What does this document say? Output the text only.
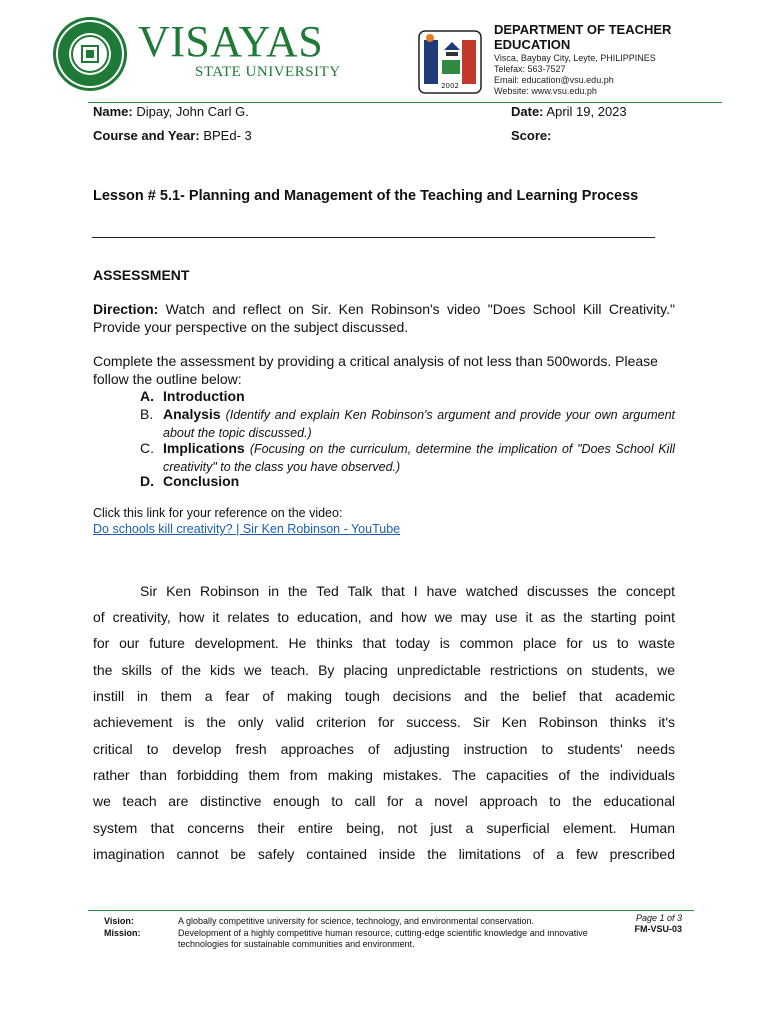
VISAYAS
STATE UNIVERSITY
2002
DEPARTMENT OF TEACHER EDUCATION
Visca, Baybay City, Leyte, PHILIPPINES
Telefax: 563-7527
Email: education@vsu.edu.ph
Website: www.vsu.edu.ph
Name: Dipay, John Carl G.	Date: April 19, 2023
Course and Year: BPEd- 3	Score:
Lesson # 5.1- Planning and Management of the Teaching and Learning Process
ASSESSMENT
Direction: Watch and reflect on Sir. Ken Robinson's video "Does School Kill Creativity." Provide your perspective on the subject discussed.
Complete the assessment by providing a critical analysis of not less than 500words. Please follow the outline below:
A. Introduction
B. Analysis (Identify and explain Ken Robinson's argument and provide your own argument about the topic discussed.)
C. Implications (Focusing on the curriculum, determine the implication of "Does School Kill creativity" to the class you have observed.)
D. Conclusion
Click this link for your reference on the video:
Do schools kill creativity? | Sir Ken Robinson - YouTube
Sir Ken Robinson in the Ted Talk that I have watched discusses the concept
of creativity, how it relates to education, and how we may use it as the starting point
for our future development. He thinks that today is common place for us to waste
the skills of the kids we teach. By placing unpredictable restrictions on students, we
instill in them a fear of making tough decisions and the belief that academic
achievement is the only valid criterion for success. Sir Ken Robinson thinks it's
critical to develop fresh approaches of adjusting instruction to students' needs
rather than forbidding them from making mistakes. The capacities of the individuals
we teach are distinctive enough to call for a novel approach to the educational
system that concerns their entire being, not just a superficial element. Human
imagination cannot be safely contained inside the limitations of a few prescribed
Vision:	A globally competitive university for science, technology, and environmental conservation.
Mission:	Development of a highly competitive human resource, cutting-edge scientific knowledge and innovative technologies for sustainable communities and environment.
Page 1 of 3
FM-VSU-03
